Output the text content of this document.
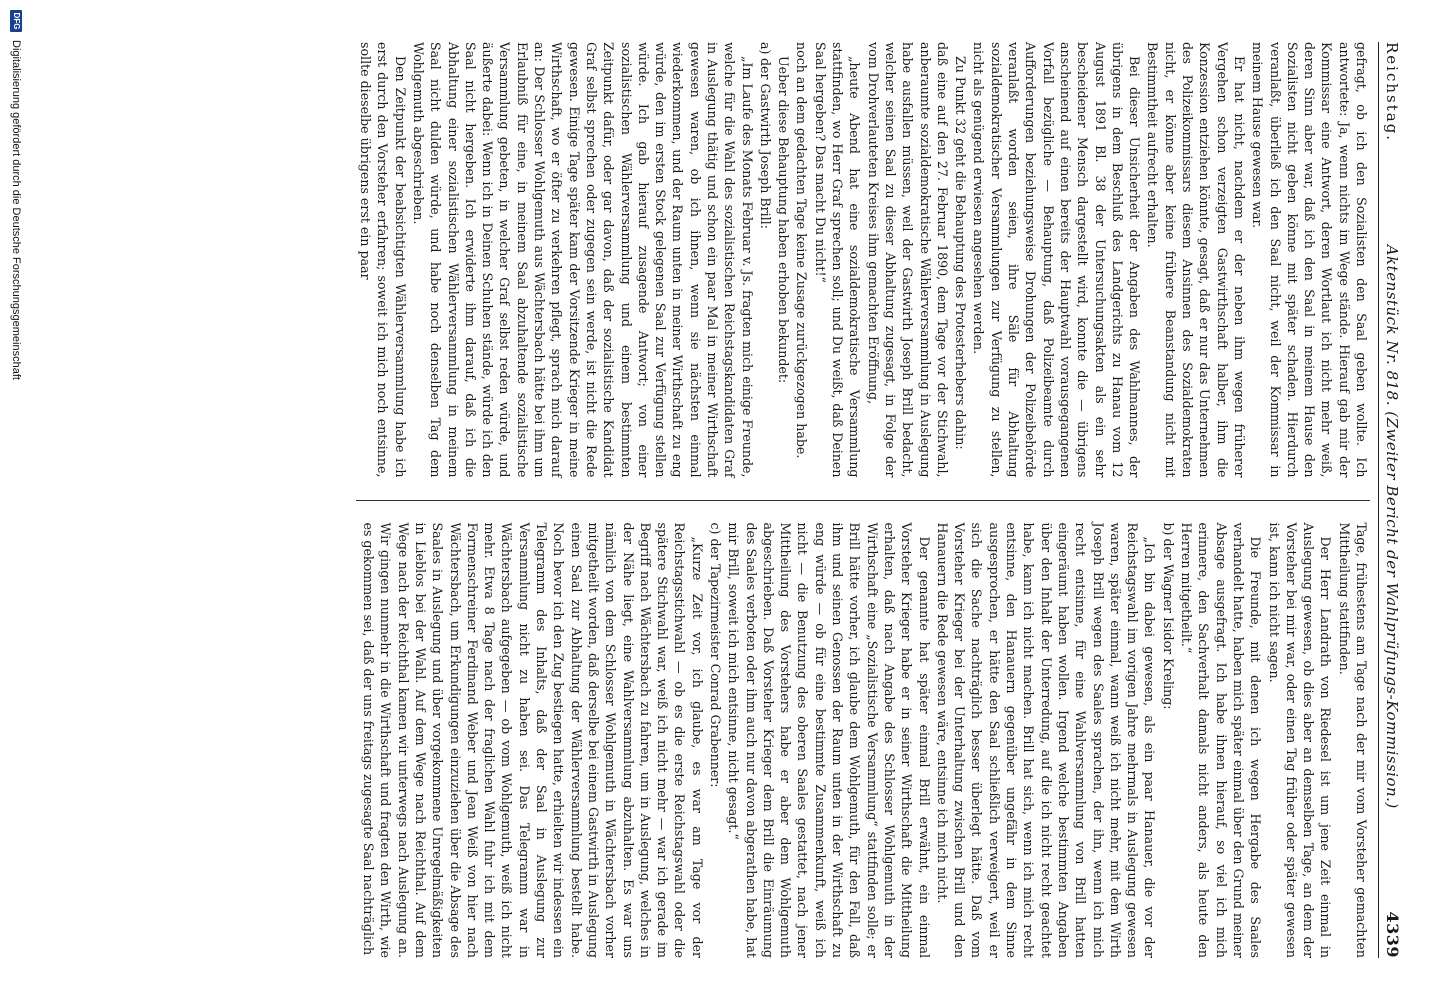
Reichstag.
Aktenstück Nr. 818. (Zweiter Bericht der Wahlprüfungs-Kommission.)
4339

gefragt, ob ich den Sozialisten den Saal geben wollte. Ich antwortete: Ja, wenn nichts im Wege stände. Hierauf gab mir der Kommissar eine Antwort, deren Wortlaut ich nicht mehr weiß, deren Sinn aber war, daß ich den Saal in meinem Hause den Sozialisten nicht geben könne mit später schaden. Hierdurch veranlaßt, überließ ich den Saal nicht, weil der Kommissar in meinem Hause gewesen war.

Er hat nicht, nachdem er der neben ihm wegen früherer Vergehen schon verzeigten Gastwirthschaft halber, ihm die Konzession entziehen könnte, gesagt, daß er nur das Unternehmen des Polizeikommissars diesem Ansinnen des Sozialdemokraten nicht, er könne aber keine frühere Beanstandung nicht mit Bestimmtheit aufrecht erhalten.

Bei dieser Unsicherheit der Angaben des Wahlmannes, der übrigens in dem Beschluß des Landgerichts zu Hanau vom 12 August 1891 Bl. 38 der Untersuchungsakten als ein sehr bescheidener Mensch dargestellt wird, konnte die — übrigens anscheinend auf einen bereits der Hauptwahl vorausgegangenen Vorfall bezügliche — Behauptung, daß Polizeibeamte durch Aufforderungen beziehungsweise Drohungen der Polizeibehörde veranlaßt worden seien, ihre Säle für Abhaltung sozialdemokratischer Versammlungen zur Verfügung zu stellen, nicht als genügend erwiesen angesehen werden.

Zu Punkt 32 geht die Behauptung des Protesterhebers dahin:

daß eine auf den 27. Februar 1890, dem Tage vor der Stichwahl, anberaumte sozialdemokratische Wählerversammlung in Auslegung habe ausfallen müssen, weil der Gastwirth Joseph Brill bedacht, welcher seinen Saal zu dieser Abhaltung zugesagt, in Folge der vom Drohverlauteten Kreises ihm gemachten Eröffnung,

„heute Abend hat eine sozialdemokratische Versammlung stattfinden, wo Herr Graf sprechen soll; und Du weißt, daß Deinen Saal hergeben? Das macht Du nicht!“

noch an dem gedachten Tage keine Zusage zurückgezogen habe.

Ueber diese Behauptung haben erhoben bekundet:

a)
der Gastwirth Joseph Brill:

„Im Laufe des Monats Februar v. Js. fragten mich einige Freunde, welche für die Wahl des sozialistischen Reichstagskandidaten Graf in Auslegung thätig und schon ein paar Mal in meiner Wirthschaft gewesen waren, ob ich ihnen, wenn sie nächsten einmal wiederkommen, und der Raum unten in meiner Wirthschaft zu eng würde, den im ersten Stock gelegenen Saal zur Verfügung stellen würde. Ich gab hierauf zusagende Antwort; von einer sozialistischen Wählerversammlung und einem bestimmten Zeitpunkt dafür, oder gar davon, daß der sozialistische Kandidat Graf selbst sprechen oder zugegen sein werde, ist nicht die Rede gewesen. Einige Tage später kam der Vorsitzende Krieger in meine Wirthschaft, wo er öfter zu verkehren pflegt, sprach mich darauf an: Der Schlosser Wohlgemuth aus Wächtersbach hätte bei ihm um Erlaubniß für eine, in meinem Saal abzuhaltende sozialistische Versammlung gebeten, in welcher Graf selbst reden würde, und äußerte dabei: Wenn ich in Deinen Schuhen stände, würde ich den Saal nicht hergeben. Ich erwiderte ihm darauf, daß ich die Abhaltung einer sozialistischen Wählerversammlung in meinem Saal nicht dulden würde, und habe noch denselben Tag dem Wohlgemuth abgeschrieben.

Den Zeitpunkt der beabsichtigten Wählerversammlung habe ich erst durch den Vorsteher erfahren; soweit ich mich noch entsinne, sollte dieselbe übrigens erst ein paar

Tage, frühestens am Tage nach der mir vom Vorsteher gemachten Mittheilung stattfinden.

Der Herr Landrath von Riedesel ist um jene Zeit einmal in Auslegung gewesen, ob dies aber an demselben Tage, an dem der Vorsteher bei mir war, oder einen Tag früher oder später gewesen ist, kann ich nicht sagen.

Die Freunde, mit denen ich wegen Hergabe des Saales verhandelt hatte, haben mich später einmal über den Grund meiner Absage ausgefragt. Ich habe ihnen hierauf, so viel ich mich erinnere, den Sachverhalt damals nicht anders, als heute den Herren mitgetheilt.“

b)
der Wagner Isidor Kreling:

„Ich bin dabei gewesen, als ein paar Hanauer, die vor der Reichstagswahl im vorigen Jahre mehrmals in Auslegung gewesen waren, später einmal, wann weiß ich nicht mehr, mit dem Wirth Joseph Brill wegen des Saales sprachen, der ihn, wenn ich mich recht entsinne, für eine Wahlversammlung von Brill hatten eingeräumt haben wollen. Irgend welche bestimmten Angaben über den Inhalt der Unterredung, auf die ich nicht recht geachtet habe, kann ich nicht machen. Brill hat sich, wenn ich mich recht entsinne, den Hanauern gegenüber ungefähr in dem Sinne ausgesprochen, er hätte den Saal schließlich verweigert, weil er sich die Sache nachträglich besser überlegt hätte. Daß vom Vorsteher Krieger bei der Unterhaltung zwischen Brill und den Hanauern die Rede gewesen wäre, entsinne ich mich nicht.

Der genannte hat später einmal Brill erwähnt, ein einmal Vorsteher Krieger habe er in seiner Wirthschaft die Mittheilung erhalten, daß nach Angabe des Schlosser Wohlgemuth in der Wirthschaft eine „Sozialistische Versammlung“ stattfinden solle; er Brill hätte vorher, ich glaube dem Wohlgemuth, für den Fall, daß ihm und seinen Genossen der Raum unten in der Wirthschaft zu eng würde — ob für eine bestimmte Zusammenkunft, weiß ich nicht — die Benutzung des oberen Saales gestattet, nach jener Mittheilung des Vorstehers habe er aber dem Wohlgemuth abgeschrieben. Daß Vorsteher Krieger dem Brill die Einräumung des Saales verboten oder ihm auch nur davon abgerathen habe, hat mir Brill, soweit ich mich entsinne, nicht gesagt.“

c)
der Tapezirmeister Conrad Grabenner:

„Kurze Zeit vor, ich glaube, es war am Tage vor der Reichstagsstichwahl — ob es die erste Reichstagswahl oder die spätere Stichwahl war, weiß ich nicht mehr — war ich gerade im Begriff nach Wächtersbach zu fahren, um in Auslegung, welches in der Nähe liegt, eine Wahlversammlung abzuhalten. Es war uns nämlich von dem Schlosser Wohlgemuth in Wächtersbach vorher mitgetheilt worden, daß derselbe bei einem Gastwirth in Auslegung einen Saal zur Abhaltung der Wählerversammlung bestellt habe. Noch bevor ich den Zug bestiegen hatte, erhielten wir indessen ein Telegramm des Inhalts, daß der Saal in Auslegung zur Versammlung nicht zu haben sei. Das Telegramm war in Wächtersbach aufgegeben — ob vom Wohlgemuth, weiß ich nicht mehr. Etwa 8 Tage nach der fraglichen Wahl fuhr ich mit dem Formenschreiner Ferdinand Weber und Jean Weiß von hier nach Wächtersbach, um Erkundigungen einzuziehen über die Absage des Saales in Auslegung und über vorgekommene Unregelmäßigkeiten in Lieblos bei der Wahl. Auf dem Wege nach Reichthal. Auf dem Wege nach der Reichthal kamen wir unterwegs nach Auslegung an. Wir gingen nunmehr in die Wirthschaft und fragten den Wirth, wie es gekommen sei, daß der uns freitags zugesagte Saal nachträglich

DFG
Digitalisierung gefördert durch die Deutsche Forschungsgemeinschaft
